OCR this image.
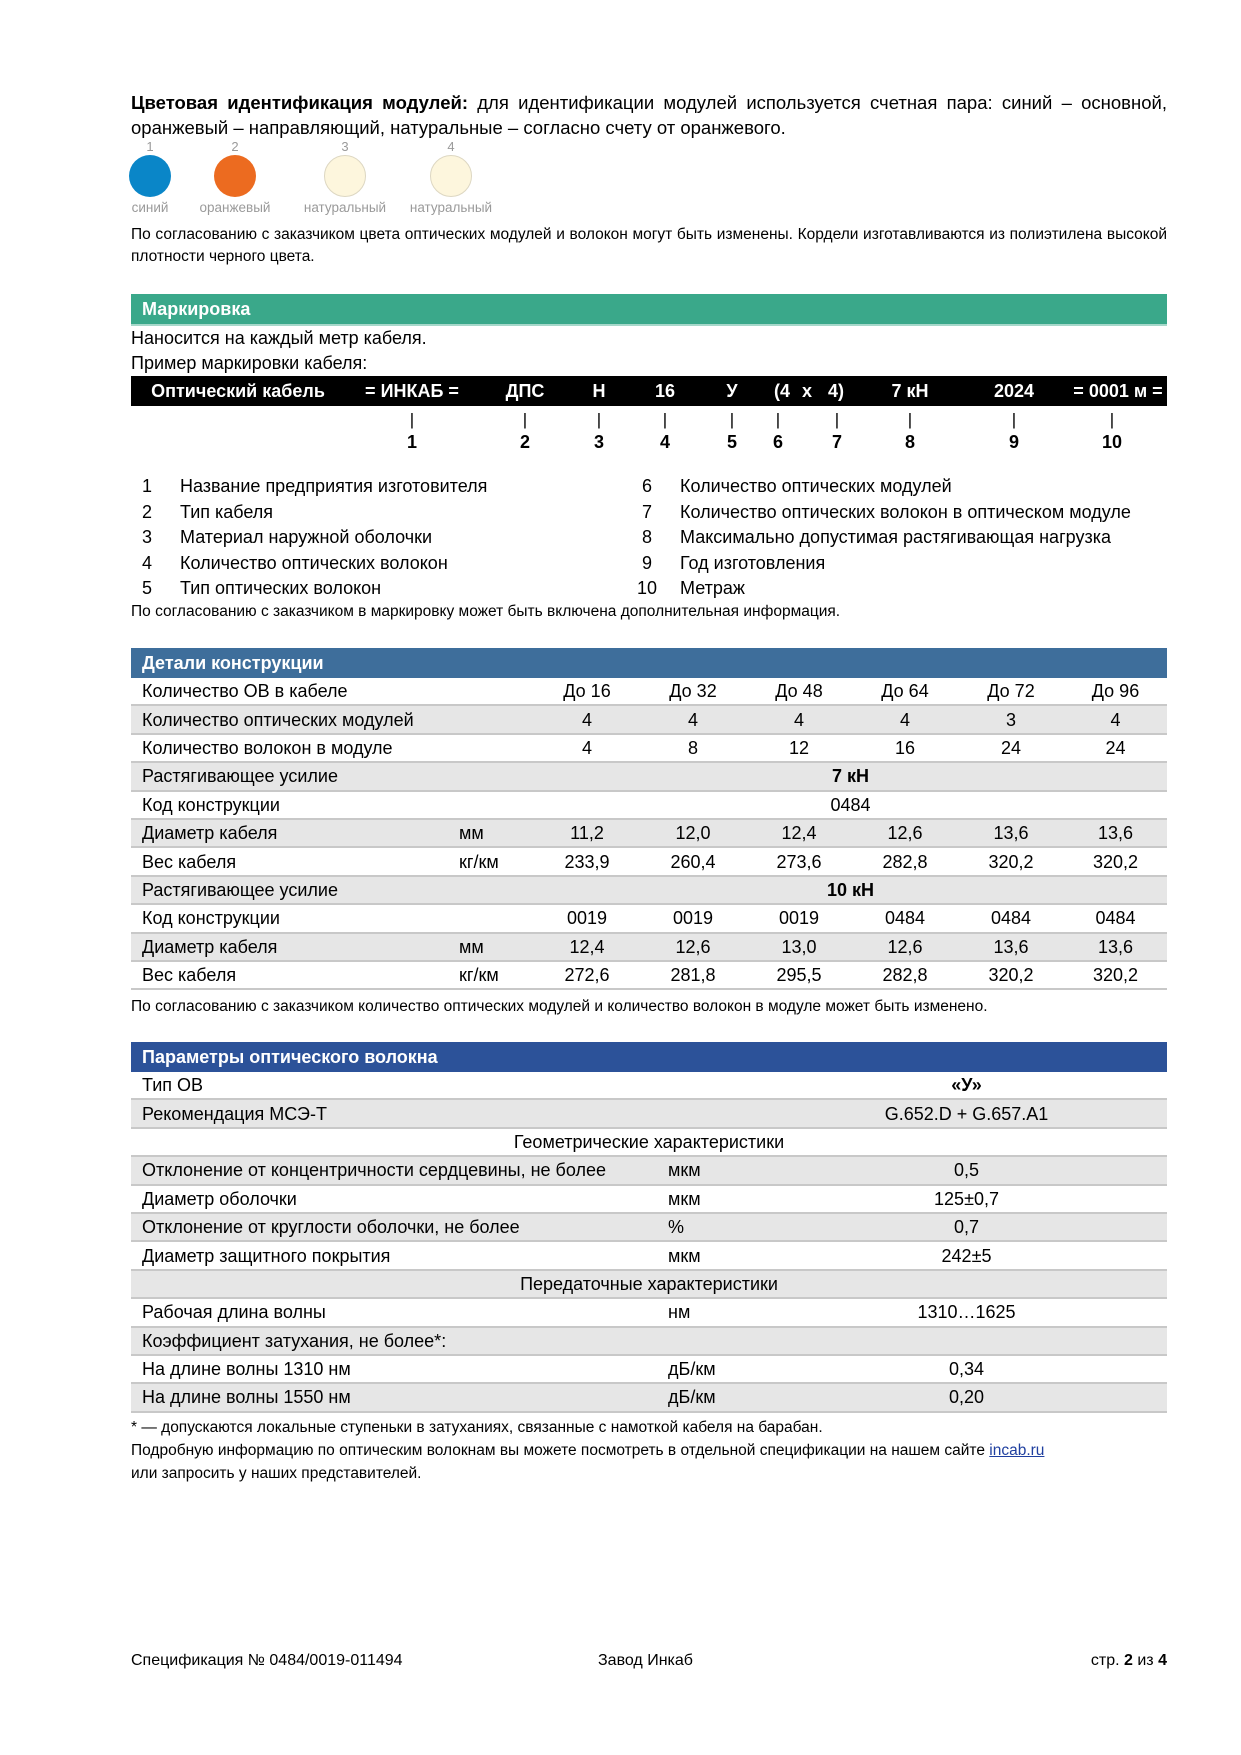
Цветовая идентификация модулей: для идентификации модулей используется счетная пара: синий – основной, оранжевый – направляющий, натуральные – согласно счету от оранжевого.
1
синий
2
оранжевый
3
натуральный
4
натуральный
По согласованию с заказчиком цвета оптических модулей и волокон могут быть изменены. Кордели изготавливаются из полиэтилена высокой плотности черного цвета.
Маркировка
Наносится на каждый метр кабеля.
Пример маркировки кабеля:
Оптический кабель = ИНКАБ =	ДПС	Н	16	У (4 x 4)	7 кН	2024 = 0001 м =
|	|	|	|	| |	|	|	|	|
1	2	3	4	5 6	7	8	9	10
1	Название предприятия изготовителя
2	Тип кабеля
3	Материал наружной оболочки
4	Количество оптических волокон
5	Тип оптических волокон
6	Количество оптических модулей
7	Количество оптических волокон в оптическом модуле
8	Максимально допустимая растягивающая нагрузка
9	Год изготовления
10 Метраж
По согласованию с заказчиком в маркировку может быть включена дополнительная информация.
Детали конструкции
Количество ОВ в кабеле		До 16	До 32	До 48	До 64	До 72	До 96
Количество оптических модулей		4	4	4	4	3	4
Количество волокон в модуле		4	8	12	16	24	24
Растягивающее усилие		7 кН					
Код конструкции		0484					
Диаметр кабеля	мм	11,2	12,0	12,4	12,6	13,6	13,6
Вес кабеля	кг/км	233,9	260,4	273,6	282,8	320,2	320,2
Растягивающее усилие		10 кН					
Код конструкции		0019	0019	0019	0484	0484	0484
Диаметр кабеля	мм	12,4	12,6	13,0	12,6	13,6	13,6
Вес кабеля	кг/км	272,6	281,8	295,5	282,8	320,2	320,2
По согласованию с заказчиком количество оптических модулей и количество волокон в модуле может быть изменено.
Параметры оптического волокна
Тип ОВ		«У»
Рекомендация МСЭ-Т		G.652.D + G.657.A1
Геометрические характеристики		
Отклонение от концентричности сердцевины, не более	мкм	0,5
Диаметр оболочки	мкм	125±0,7
Отклонение от круглости оболочки, не более	%	0,7
Диаметр защитного покрытия	мкм	242±5
Передаточные характеристики		
Рабочая длина волны	нм	1310…1625
Коэффициент затухания, не более*:		
На длине волны 1310 нм	дБ/км	0,34
На длине волны 1550 нм	дБ/км	0,20
* — допускаются локальные ступеньки в затуханиях, связанные с намоткой кабеля на барабан.
Подробную информацию по оптическим волокнам вы можете посмотреть в отдельной спецификации на нашем сайте incab.ru
или запросить у наших представителей.
Спецификация № 0484/0019-011494	Завод Инкаб	стр. 2 из 4
